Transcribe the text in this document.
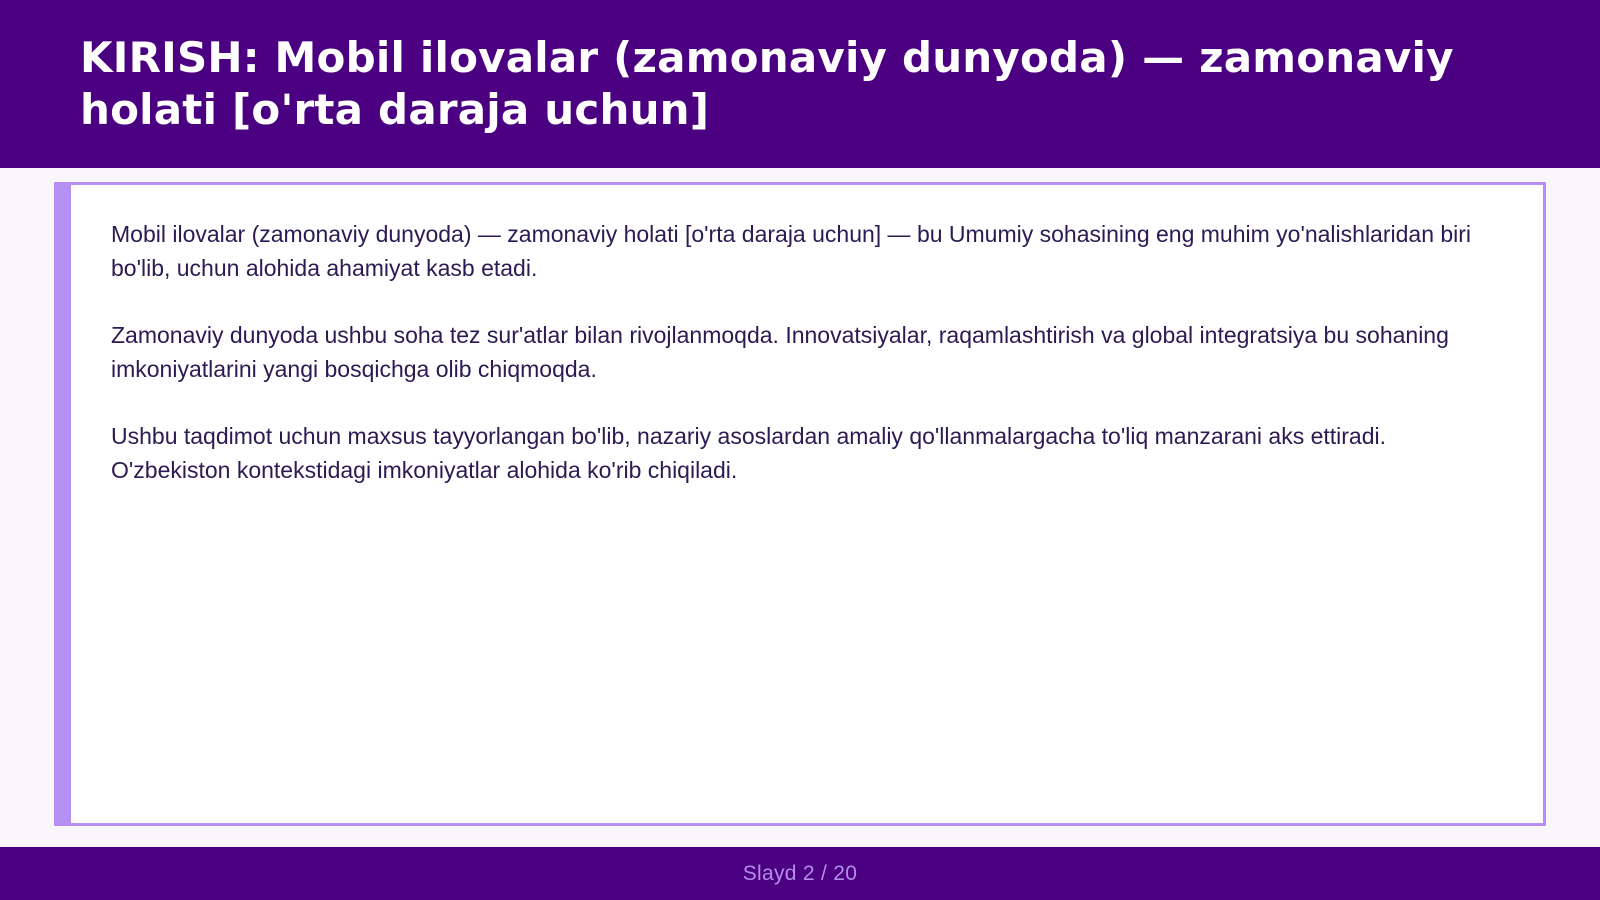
KIRISH: Mobil ilovalar (zamonaviy dunyoda) — zamonaviy holati [o'rta daraja uchun]

Mobil ilovalar (zamonaviy dunyoda) — zamonaviy holati [o'rta daraja uchun] — bu Umumiy sohasining eng muhim yo'nalishlaridan biri bo'lib, uchun alohida ahamiyat kasb etadi.

Zamonaviy dunyoda ushbu soha tez sur'atlar bilan rivojlanmoqda. Innovatsiyalar, raqamlashtirish va global integratsiya bu sohaning imkoniyatlarini yangi bosqichga olib chiqmoqda.

Ushbu taqdimot uchun maxsus tayyorlangan bo'lib, nazariy asoslardan amaliy qo'llanmalargacha to'liq manzarani aks ettiradi. O'zbekiston kontekstidagi imkoniyatlar alohida ko'rib chiqiladi.

Slayd 2 / 20
